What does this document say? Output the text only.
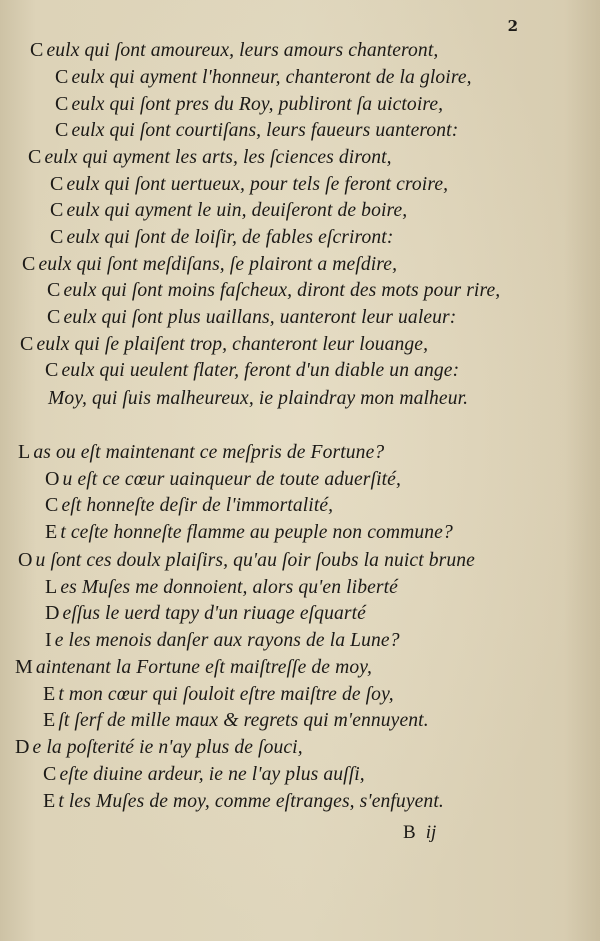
2
C eulx qui ſont amoureux, leurs amours chanteront,
C eulx qui ayment l'honneur, chanteront de la gloire,
C eulx qui ſont pres du Roy, publiront ſa uictoire,
C eulx qui ſont courtiſans, leurs faueurs uanteront:
C eulx qui ayment les arts, les ſciences diront,
C eulx qui ſont uertueux, pour tels ſe feront croire,
C eulx qui ayment le uin, deuiſeront de boire,
C eulx qui ſont de loiſir, de fables eſcriront:
C eulx qui ſont meſdiſans, ſe plairont a meſdire,
C eulx qui ſont moins faſcheux, diront des mots pour rire,
C eulx qui ſont plus uaillans, uanteront leur ualeur:
C eulx qui ſe plaiſent trop, chanteront leur louange,
C eulx qui ueulent flater, feront d'un diable un ange:
Moy, qui ſuis malheureux, ie plaindray mon malheur.
L as ou eſt maintenant ce meſpris de Fortune?
O u eſt ce cœur uainqueur de toute aduerſité,
C eſt honneſte deſir de l'immortalité,
E t ceſte honneſte flamme au peuple non commune?
O u ſont ces doulx plaiſirs, qu'au ſoir ſoubs la nuict brune
L es Muſes me donnoient, alors qu'en liberté
D eſſus le uerd tapy d'un riuage eſquarté
I e les menois danſer aux rayons de la Lune?
M aintenant la Fortune eſt maiſtreſſe de moy,
E t mon cœur qui ſouloit eſtre maiſtre de ſoy,
E ſt ſerf de mille maux & regrets qui m'ennuyent.
D e la poſterité ie n'ay plus de ſouci,
C eſte diuine ardeur, ie ne l'ay plus auſſi,
E t les Muſes de moy, comme eſtranges, s'enfuyent.
B ij
